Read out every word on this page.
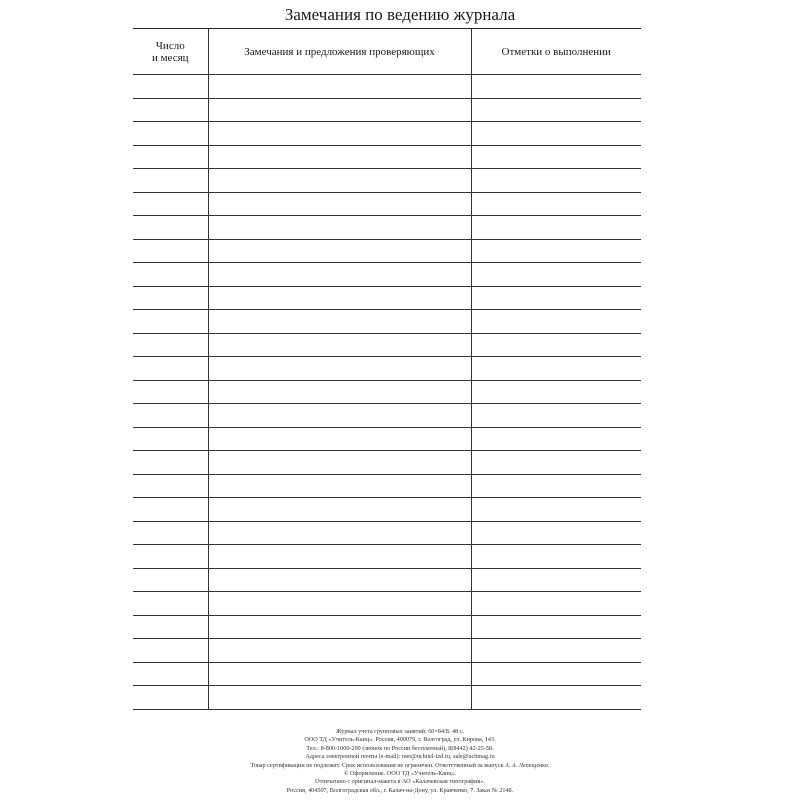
Замечания по ведению журнала
Число
и месяц	Замечания и предложения проверяющих	Отметки о выполнении

Журнал учета групповых занятий: 60×84/8. 48 с.
ООО ТД «Учитель-Канц». Россия, 400079, г. Волгоград, ул. Кирова, 143.
Тел.: 8-800-1000-299 (звонок по России бесплатный), 8(8442) 42-25-58.
Адреса электронной почты (e-mail): met@uchitel-izd.ru, sale@uchmag.ru
Товар сертификации не подлежит. Срок использования не ограничен. Ответственный за выпуск А. А. Лепещенко.
© Оформление. ООО ТД «Учитель-Канц».
Отпечатано с оригинал-макета в АО «Калачевская типография».
Россия, 404507, Волгоградская обл., г. Калач-на-Дону, ул. Кравченко, 7. Заказ № 2148.
